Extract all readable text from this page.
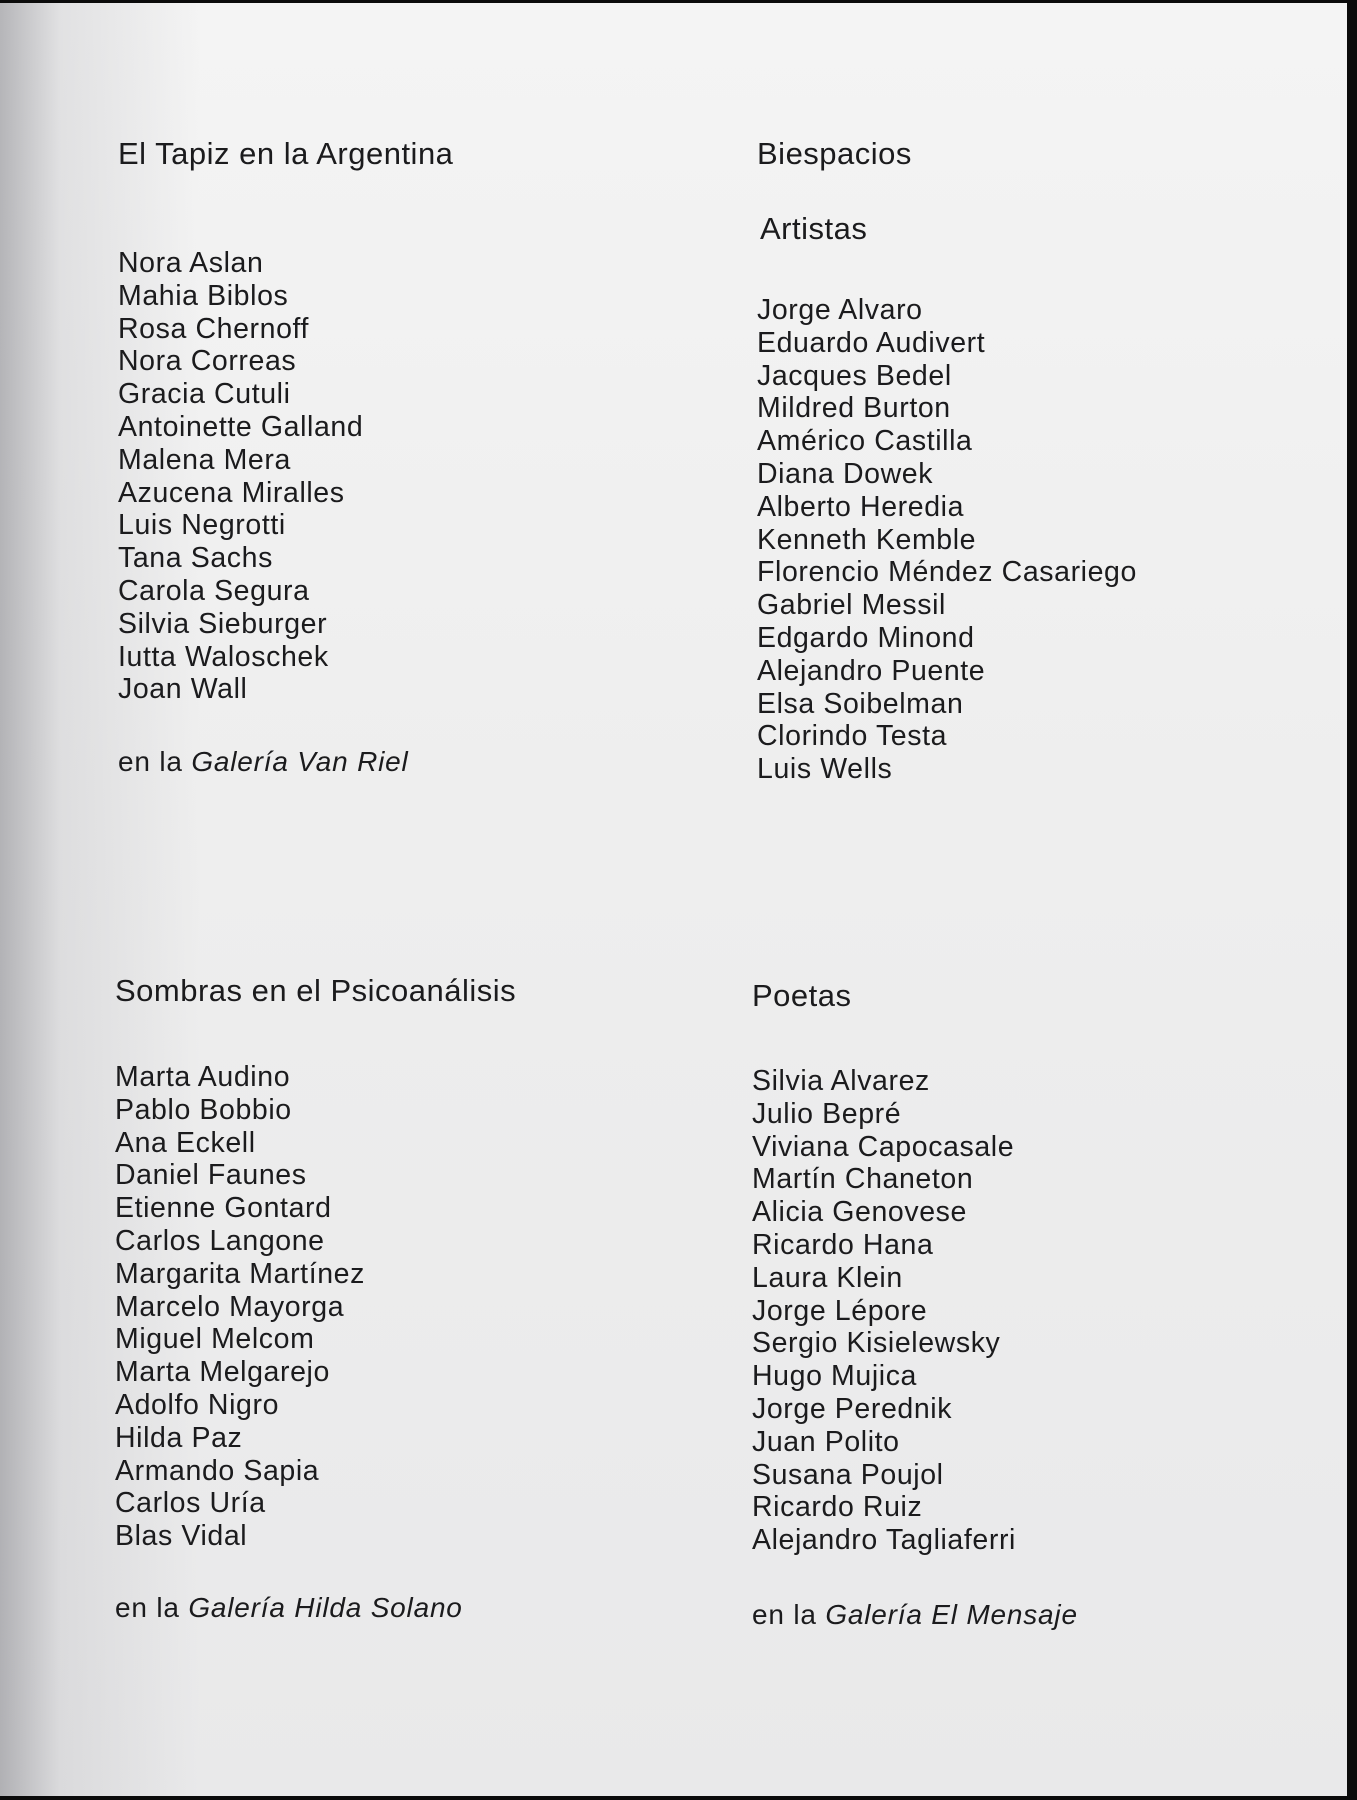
El Tapiz en la Argentina
Nora Aslan
Mahia Biblos
Rosa Chernoff
Nora Correas
Gracia Cutuli
Antoinette Galland
Malena Mera
Azucena Miralles
Luis Negrotti
Tana Sachs
Carola Segura
Silvia Sieburger
Iutta Waloschek
Joan Wall

en la Galería Van Riel

Biespacios
Artistas
Jorge Alvaro
Eduardo Audivert
Jacques Bedel
Mildred Burton
Américo Castilla
Diana Dowek
Alberto Heredia
Kenneth Kemble
Florencio Méndez Casariego
Gabriel Messil
Edgardo Minond
Alejandro Puente
Elsa Soibelman
Clorindo Testa
Luis Wells
Sombras en el Psicoanálisis
Marta Audino
Pablo Bobbio
Ana Eckell
Daniel Faunes
Etienne Gontard
Carlos Langone
Margarita Martínez
Marcelo Mayorga
Miguel Melcom
Marta Melgarejo
Adolfo Nigro
Hilda Paz
Armando Sapia
Carlos Uría
Blas Vidal

en la Galería Hilda Solano

Poetas
Silvia Alvarez
Julio Bepré
Viviana Capocasale
Martín Chaneton
Alicia Genovese
Ricardo Hana
Laura Klein
Jorge Lépore
Sergio Kisielewsky
Hugo Mujica
Jorge Perednik
Juan Polito
Susana Poujol
Ricardo Ruiz
Alejandro Tagliaferri

en la Galería El Mensaje
